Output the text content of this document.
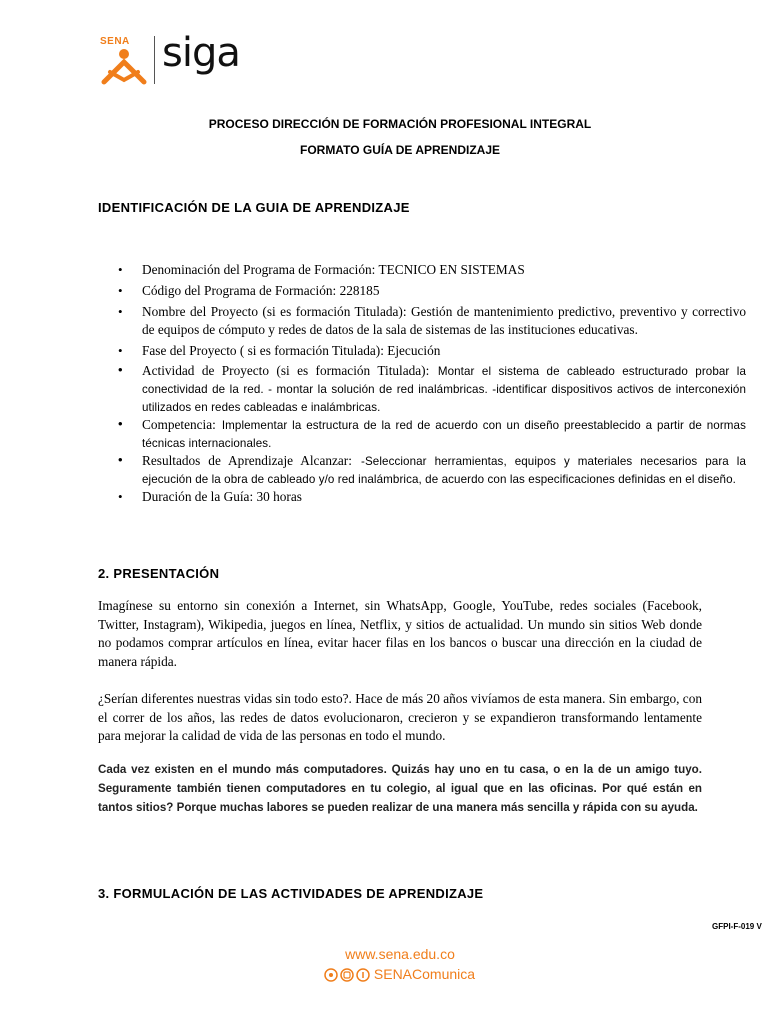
SENA siga
PROCESO DIRECCIÓN DE FORMACIÓN PROFESIONAL INTEGRAL
FORMATO GUÍA DE APRENDIZAJE
IDENTIFICACIÓN DE LA GUIA DE APRENDIZAJE
• Denominación del Programa de Formación: TECNICO EN SISTEMAS
• Código del Programa de Formación: 228185
• Nombre del Proyecto (si es formación Titulada): Gestión de mantenimiento predictivo, preventivo y correctivo de equipos de cómputo y redes de datos de la sala de sistemas de las instituciones educativas.
• Fase del Proyecto ( si es formación Titulada): Ejecución
• Actividad de Proyecto (si es formación Titulada): Montar el sistema de cableado estructurado probar la conectividad de la red. - montar la solución de red inalámbricas. -identificar dispositivos activos de interconexión utilizados en redes cableadas e inalámbricas.
• Competencia: Implementar la estructura de la red de acuerdo con un diseño preestablecido a partir de normas técnicas internacionales.
• Resultados de Aprendizaje Alcanzar: -Seleccionar herramientas, equipos y materiales necesarios para la ejecución de la obra de cableado y/o red inalámbrica, de acuerdo con las especificaciones definidas en el diseño.
• Duración de la Guía: 30 horas
2. PRESENTACIÓN

Imagínese su entorno sin conexión a Internet, sin WhatsApp, Google, YouTube, redes sociales (Facebook, Twitter, Instagram), Wikipedia, juegos en línea, Netflix, y sitios de actualidad. Un mundo sin sitios Web donde no podamos comprar artículos en línea, evitar hacer filas en los bancos o buscar una dirección en la ciudad de manera rápida.

¿Serían diferentes nuestras vidas sin todo esto?. Hace de más 20 años vivíamos de esta manera. Sin embargo, con el correr de los años, las redes de datos evolucionaron, crecieron y se expandieron transformando lentamente para mejorar la calidad de vida de las personas en todo el mundo.

Cada vez existen en el mundo más computadores. Quizás hay uno en tu casa, o en la de un amigo tuyo. Seguramente también tienen computadores en tu colegio, al igual que en las oficinas. Por qué están en tantos sitios? Porque muchas labores se pueden realizar de una manera más sencilla y rápida con su ayuda.

3. FORMULACIÓN DE LAS ACTIVIDADES DE APRENDIZAJE
GFPI-F-019 V
www.sena.edu.co
SENAComunica
